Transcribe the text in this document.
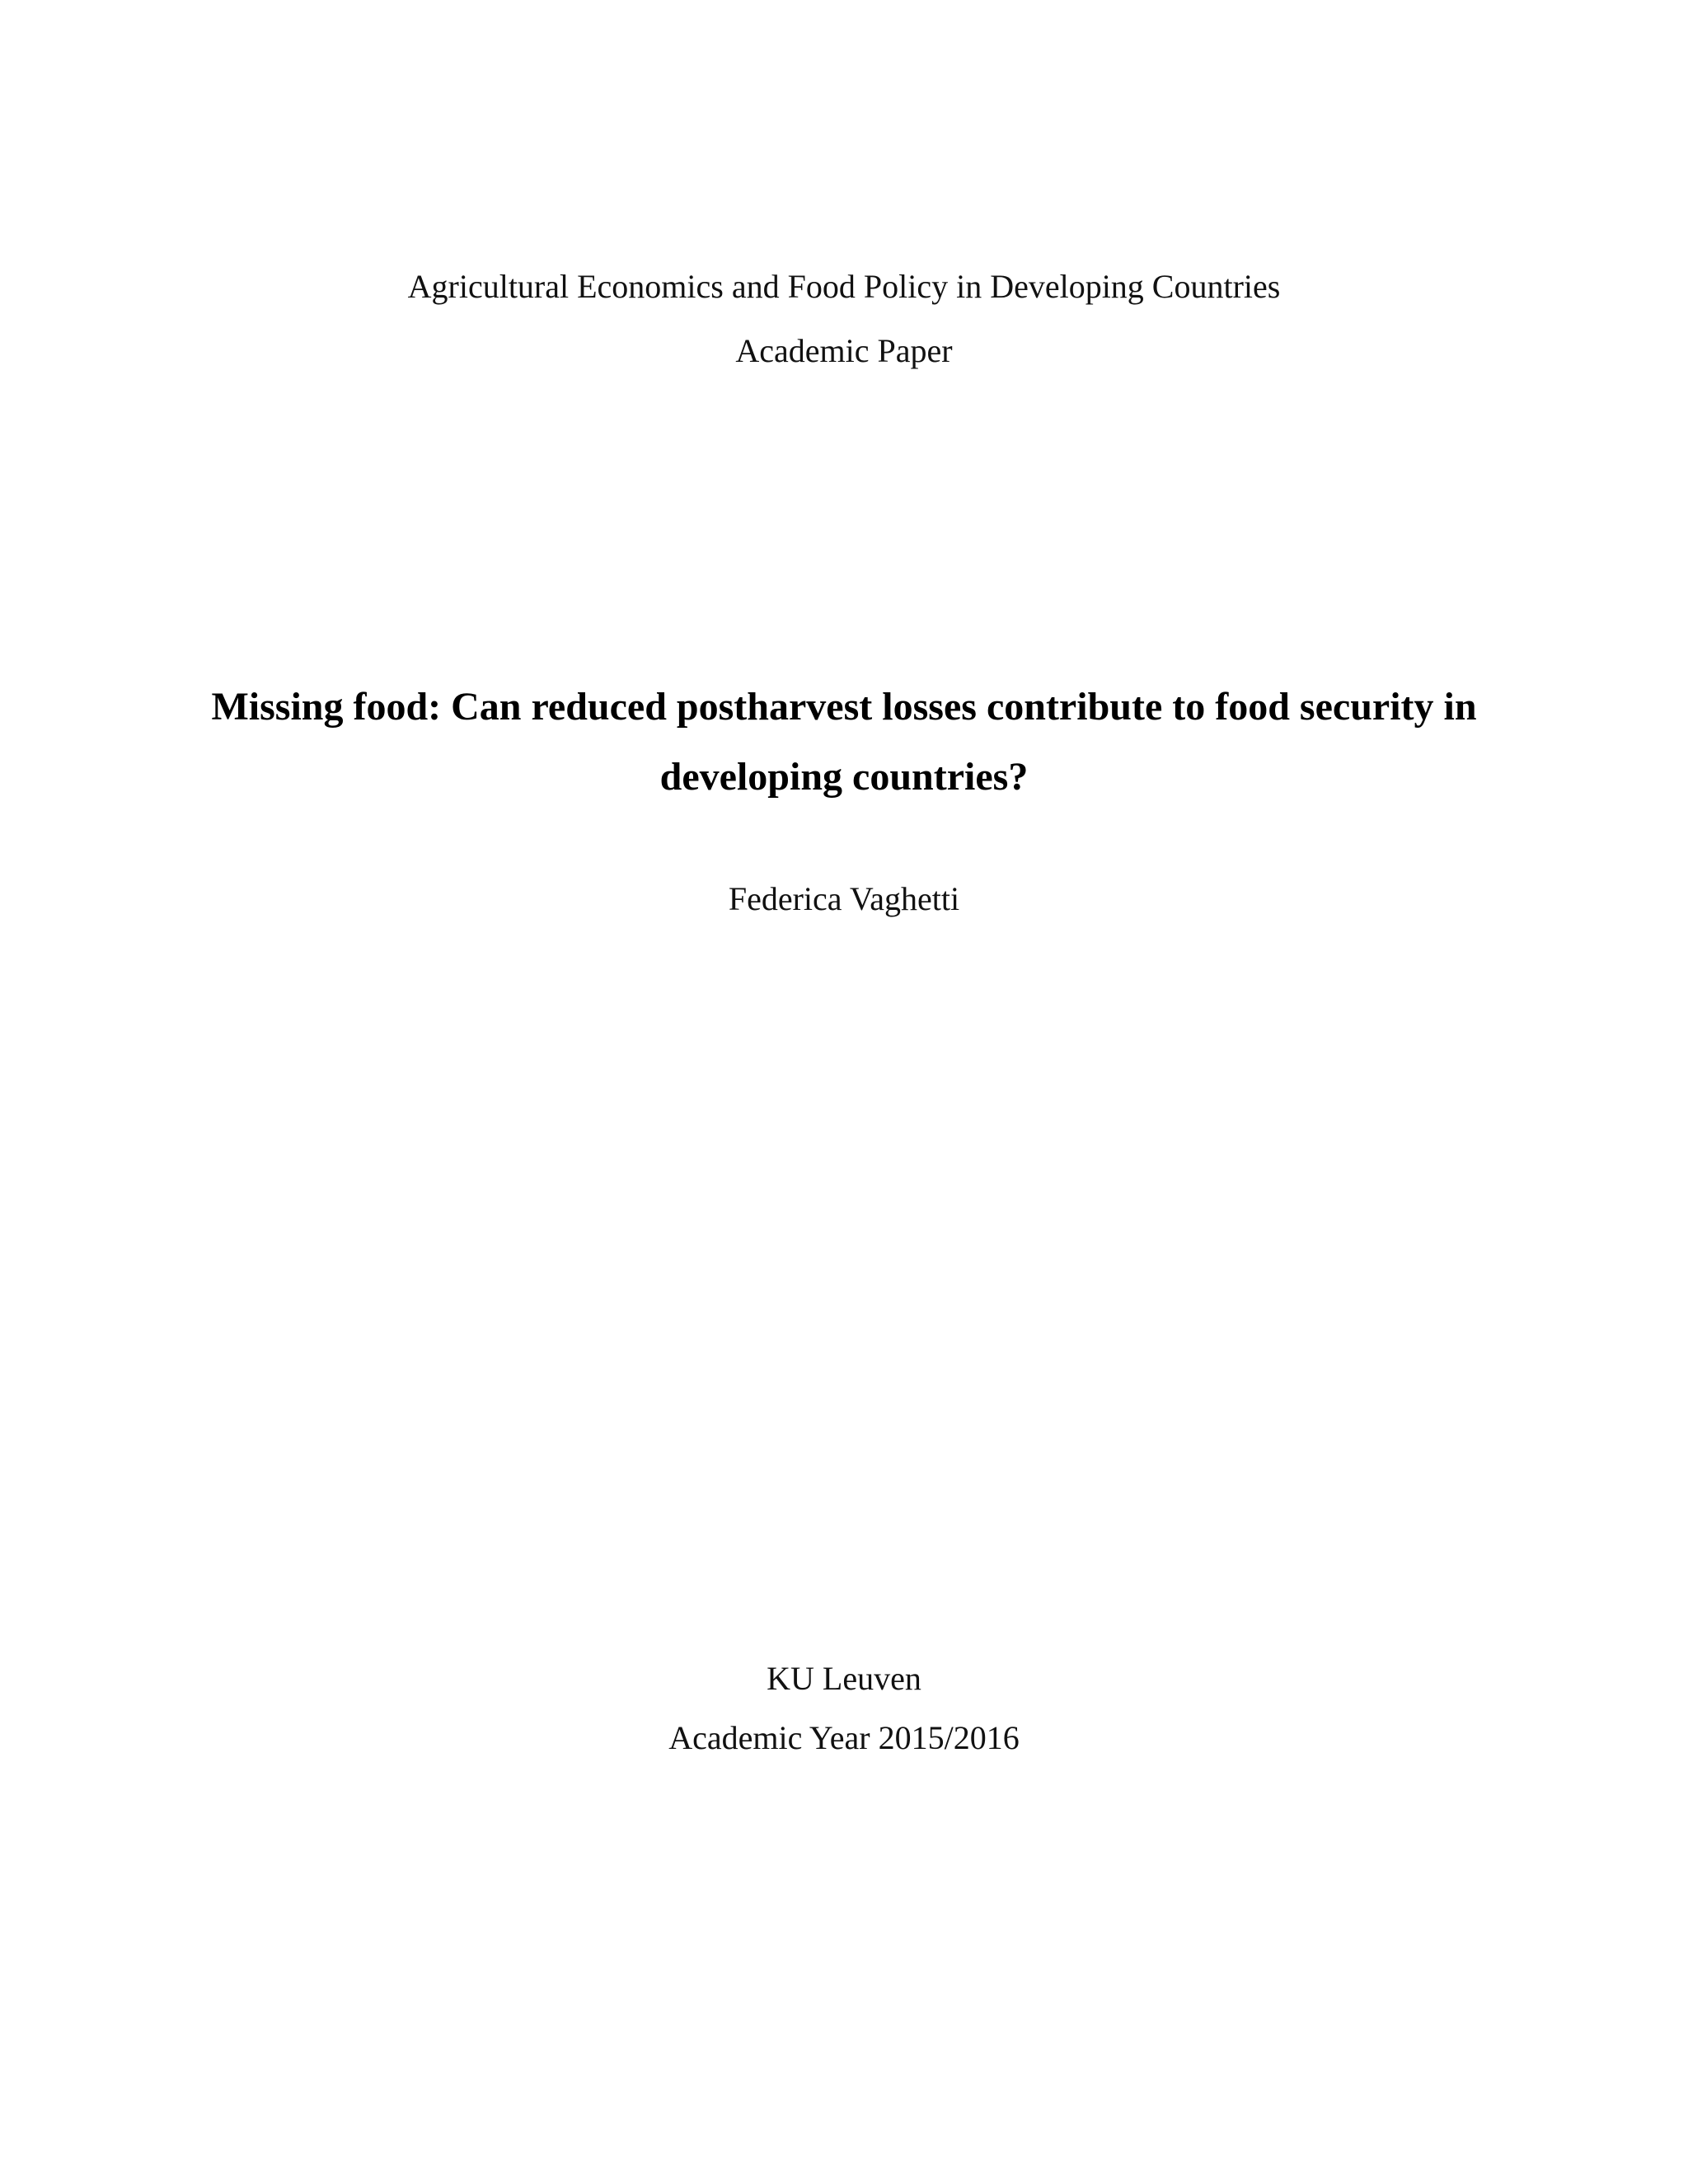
Agricultural Economics and Food Policy in Developing Countries
Academic Paper
Missing food: Can reduced postharvest losses contribute to food security in developing countries?
Federica Vaghetti
KU Leuven
Academic Year 2015/2016
